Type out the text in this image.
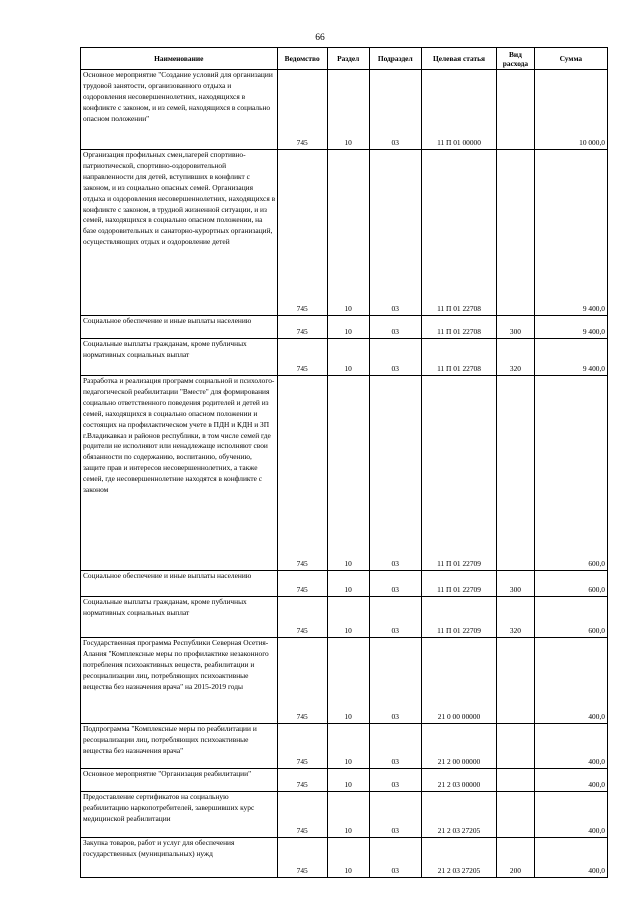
66
Наименование	Ведомство	Раздел	Подраздел	Целевая статья	Вид расхода	Сумма
Основное мероприятие "Создание условий для организации трудовой занятости, организованного отдыха и оздоровления несовершеннолетних, находящихся в конфликте с законом, и из семей, находящихся в социально опасном положении"	745	10	03	11 П 01 00000		10 000,0
Организация профильных смен,лагерей спортивно-патриотической, спортивно-оздоровительной направленности для детей, вступивших в конфликт с законом, и из социально опасных семей. Организация отдыха и оздоровления несовершеннолетних, находящихся в конфликте с законом, в трудной жизненной ситуации, и из семей, находящихся в социально опасном положении, на базе оздоровительных и санаторно-курортных организаций, осуществляющих отдых и оздоровление детей	745	10	03	11 П 01 22708		9 400,0
Социальное обеспечение и иные выплаты населению	745	10	03	11 П 01 22708	300	9 400,0
Социальные выплаты гражданам, кроме публичных нормативных социальных выплат	745	10	03	11 П 01 22708	320	9 400,0
Разработка и реализация программ социальной и психолого-педагогической реабилитации "Вместе" для формирования социально ответственного поведения родителей и детей из семей, находящихся в социально опасном положении и состоящих на профилактическом учете в ПДН и КДН и ЗП г.Владикавказ и районов республики, в том числе семей где родители не исполняют или ненадлежаще исполняют свои обязанности по содержанию, воспитанию, обучению, защите прав и интересов несовершеннолетних, а также семей, где несовершеннолетние находятся в конфликте с законом	745	10	03	11 П 01 22709		600,0
Социальное обеспечение и иные выплаты населению	745	10	03	11 П 01 22709	300	600,0
Социальные выплаты гражданам, кроме публичных нормативных социальных выплат	745	10	03	11 П 01 22709	320	600,0
Государственная программа Республики Северная Осетия-Алания "Комплексные меры по профилактике незаконного потребления психоактивных веществ, реабилитации и ресоциализации лиц, потребляющих психоактивные вещества без назначения врача" на 2015-2019 годы	745	10	03	21 0 00 00000		400,0
Подпрограмма "Комплексные меры по реабилитации и ресоциализации лиц, потребляющих психоактивные вещества без назначения врача"	745	10	03	21 2 00 00000		400,0
Основное мероприятие "Организация реабилитации"	745	10	03	21 2 03 00000		400,0
Предоставление сертификатов на социальную реабилитацию наркопотребителей, завершивших курс медицинской реабилитации	745	10	03	21 2 03 27205		400,0
Закупка товаров, работ и услуг для обеспечения государственных (муниципальных) нужд	745	10	03	21 2 03 27205	200	400,0
